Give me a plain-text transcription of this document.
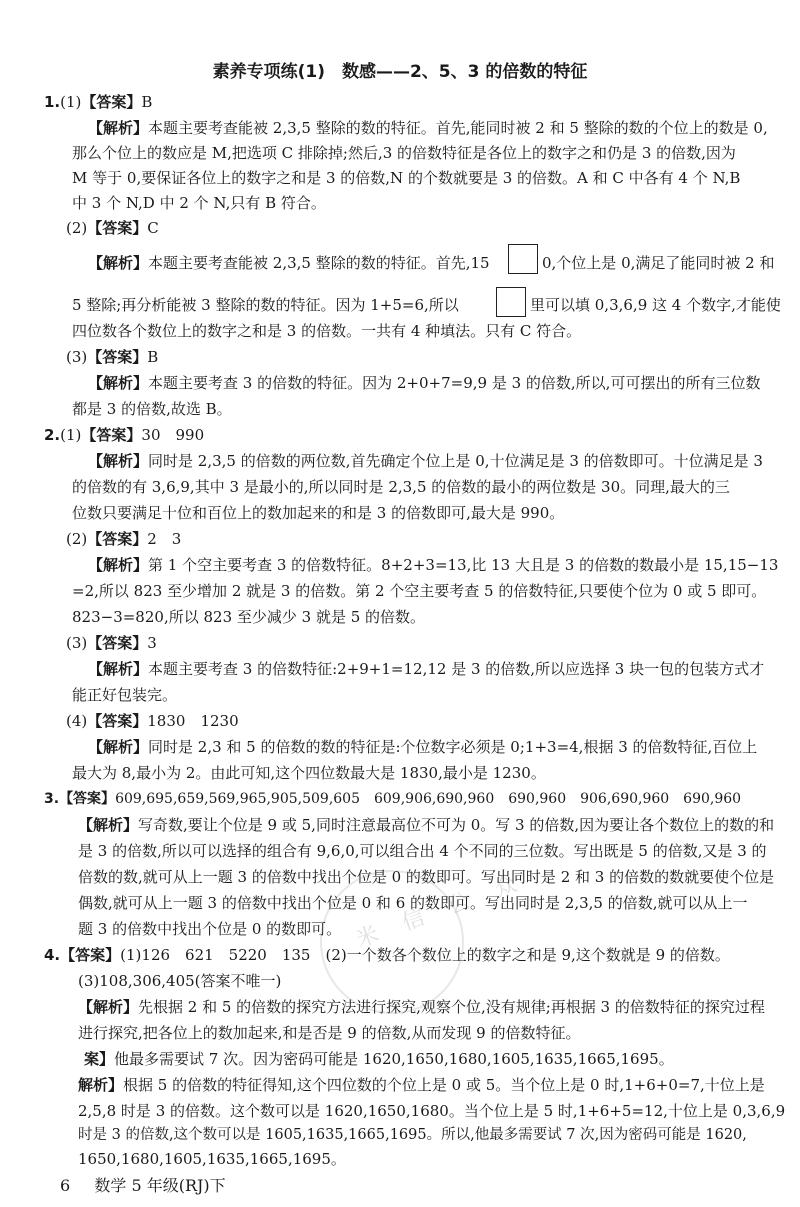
素养专项练(1)　数感——2、5、3 的倍数的特征
1.(1)【答案】B
【解析】本题主要考查能被 2,3,5 整除的数的特征。首先,能同时被 2 和 5 整除的数的个位上的数是 0,
那么个位上的数应是 M,把选项 C 排除掉;然后,3 的倍数特征是各位上的数字之和仍是 3 的倍数,因为
M 等于 0,要保证各位上的数字之和是 3 的倍数,N 的个数就要是 3 的倍数。A 和 C 中各有 4 个 N,B
中 3 个 N,D 中 2 个 N,只有 B 符合。
(2)【答案】C
【解析】本题主要考查能被 2,3,5 整除的数的特征。首先,15	0,个位上是 0,满足了能同时被 2 和
5 整除;再分析能被 3 整除的数的特征。因为 1+5=6,所以	里可以填 0,3,6,9 这 4 个数字,才能使
四位数各个数位上的数字之和是 3 的倍数。一共有 4 种填法。只有 C 符合。
(3)【答案】B
【解析】本题主要考查 3 的倍数的特征。因为 2+0+7=9,9 是 3 的倍数,所以,可可摆出的所有三位数
都是 3 的倍数,故选 B。
2.(1)【答案】30　990
【解析】同时是 2,3,5 的倍数的两位数,首先确定个位上是 0,十位满足是 3 的倍数即可。十位满足是 3
的倍数的有 3,6,9,其中 3 是最小的,所以同时是 2,3,5 的倍数的最小的两位数是 30。同理,最大的三
位数只要满足十位和百位上的数加起来的和是 3 的倍数即可,最大是 990。
(2)【答案】2　3
【解析】第 1 个空主要考查 3 的倍数特征。8+2+3=13,比 13 大且是 3 的倍数的数最小是 15,15−13
=2,所以 823 至少增加 2 就是 3 的倍数。第 2 个空主要考查 5 的倍数特征,只要使个位为 0 或 5 即可。
823−3=820,所以 823 至少减少 3 就是 5 的倍数。
(3)【答案】3
【解析】本题主要考查 3 的倍数特征:2+9+1=12,12 是 3 的倍数,所以应选择 3 块一包的包装方式才
能正好包装完。
(4)【答案】1830　1230
【解析】同时是 2,3 和 5 的倍数的数的特征是:个位数字必须是 0;1+3=4,根据 3 的倍数特征,百位上
最大为 8,最小为 2。由此可知,这个四位数最大是 1830,最小是 1230。
3.【答案】609,695,659,569,965,905,509,605　609,906,690,960　690,960　906,690,960　690,960
【解析】写奇数,要让个位是 9 或 5,同时注意最高位不可为 0。写 3 的倍数,因为要让各个数位上的数的和
是 3 的倍数,所以可以选择的组合有 9,6,0,可以组合出 4 个不同的三位数。写出既是 5 的倍数,又是 3 的
倍数的数,就可从上一题 3 的倍数中找出个位是 0 的数即可。写出同时是 2 和 3 的倍数的数就要使个位是
偶数,就可从上一题 3 的倍数中找出个位是 0 和 6 的数即可。写出同时是 2,3,5 的倍数,就可以从上一
题 3 的倍数中找出个位是 0 的数即可。
4.【答案】(1)126　621　5220　135　(2)一个数各个数位上的数字之和是 9,这个数就是 9 的倍数。
(3)108,306,405(答案不唯一)
【解析】先根据 2 和 5 的倍数的探究方法进行探究,观察个位,没有规律;再根据 3 的倍数特征的探究过程
进行探究,把各位上的数加起来,和是否是 9 的倍数,从而发现 9 的倍数特征。
案】他最多需要试 7 次。因为密码可能是 1620,1650,1680,1605,1635,1665,1695。
解析】根据 5 的倍数的特征得知,这个四位数的个位上是 0 或 5。当个位上是 0 时,1+6+0=7,十位上是
2,5,8 时是 3 的倍数。这个数可以是 1620,1650,1680。当个位上是 5 时,1+6+5=12,十位上是 0,3,6,9
时是 3 的倍数,这个数可以是 1605,1635,1665,1695。所以,他最多需要试 7 次,因为密码可能是 1620,
1650,1680,1605,1635,1665,1695。
米 信 公 众
6 数学 5 年级(RJ)下
